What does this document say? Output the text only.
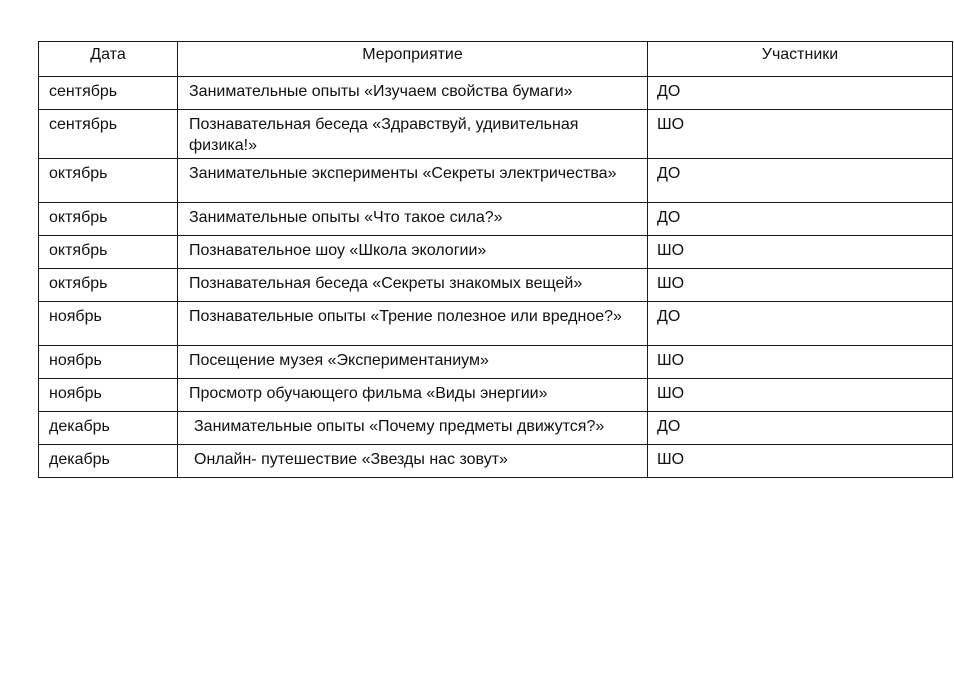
Дата	Мероприятие	Участники
сентябрь	Занимательные опыты «Изучаем свойства бумаги»	ДО
сентябрь	Познавательная беседа «Здравствуй, удивительная физика!»	ШО
октябрь	Занимательные эксперименты «Секреты электричества»	ДО
октябрь	Занимательные опыты «Что такое сила?»	ДО
октябрь	Познавательное шоу «Школа экологии»	ШО
октябрь	Познавательная беседа «Секреты знакомых вещей»	ШО
ноябрь	Познавательные опыты «Трение полезное или вредное?»	ДО
ноябрь	Посещение музея «Экспериментаниум»	ШО
ноябрь	Просмотр обучающего фильма «Виды энергии»	ШО
декабрь	Занимательные опыты «Почему предметы движутся?»	ДО
декабрь	Онлайн- путешествие «Звезды нас зовут»	ШО
